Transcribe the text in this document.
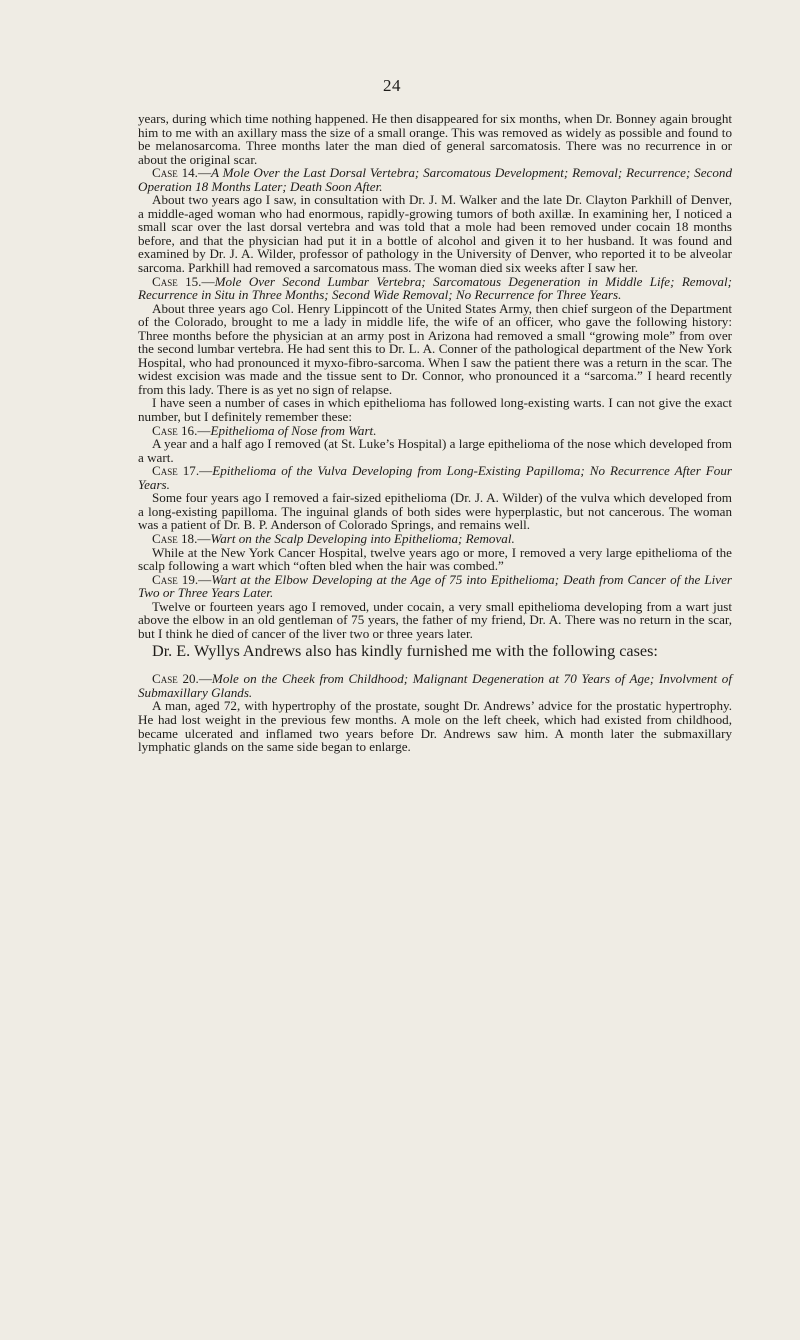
24

years, during which time nothing happened. He then disappeared for six months, when Dr. Bonney again brought him to me with an axillary mass the size of a small orange. This was removed as widely as possible and found to be melanosarcoma. Three months later the man died of general sarcomatosis. There was no recurrence in or about the original scar.

Case 14.—A Mole Over the Last Dorsal Vertebra; Sarcomatous Development; Removal; Recurrence; Second Operation 18 Months Later; Death Soon After.

About two years ago I saw, in consultation with Dr. J. M. Walker and the late Dr. Clayton Parkhill of Denver, a middle-aged woman who had enormous, rapidly-growing tumors of both axillæ. In examining her, I noticed a small scar over the last dorsal vertebra and was told that a mole had been removed under cocain 18 months before, and that the physician had put it in a bottle of alcohol and given it to her husband. It was found and examined by Dr. J. A. Wilder, professor of pathology in the University of Denver, who reported it to be alveolar sarcoma. Parkhill had removed a sarcomatous mass. The woman died six weeks after I saw her.

Case 15.—Mole Over Second Lumbar Vertebra; Sarcomatous Degeneration in Middle Life; Removal; Recurrence in Situ in Three Months; Second Wide Removal; No Recurrence for Three Years.

About three years ago Col. Henry Lippincott of the United States Army, then chief surgeon of the Department of the Colorado, brought to me a lady in middle life, the wife of an officer, who gave the following history: Three months before the physician at an army post in Arizona had removed a small “growing mole” from over the second lumbar vertebra. He had sent this to Dr. L. A. Conner of the pathological department of the New York Hospital, who had pronounced it myxo-fibro-sarcoma. When I saw the patient there was a return in the scar. The widest excision was made and the tissue sent to Dr. Connor, who pronounced it a “sarcoma.” I heard recently from this lady. There is as yet no sign of relapse.

I have seen a number of cases in which epithelioma has followed long-existing warts. I can not give the exact number, but I definitely remember these:

Case 16.—Epithelioma of Nose from Wart.

A year and a half ago I removed (at St. Luke’s Hospital) a large epithelioma of the nose which developed from a wart.

Case 17.—Epithelioma of the Vulva Developing from Long-Existing Papilloma; No Recurrence After Four Years.

Some four years ago I removed a fair-sized epithelioma (Dr. J. A. Wilder) of the vulva which developed from a long-existing papilloma. The inguinal glands of both sides were hyperplastic, but not cancerous. The woman was a patient of Dr. B. P. Anderson of Colorado Springs, and remains well.

Case 18.—Wart on the Scalp Developing into Epithelioma; Removal.

While at the New York Cancer Hospital, twelve years ago or more, I removed a very large epithelioma of the scalp following a wart which “often bled when the hair was combed.”

Case 19.—Wart at the Elbow Developing at the Age of 75 into Epithelioma; Death from Cancer of the Liver Two or Three Years Later.

Twelve or fourteen years ago I removed, under cocain, a very small epithelioma developing from a wart just above the elbow in an old gentleman of 75 years, the father of my friend, Dr. A. There was no return in the scar, but I think he died of cancer of the liver two or three years later.

Dr. E. Wyllys Andrews also has kindly furnished me with the following cases:

Case 20.—Mole on the Cheek from Childhood; Malignant Degeneration at 70 Years of Age; Involvment of Submaxillary Glands.

A man, aged 72, with hypertrophy of the prostate, sought Dr. Andrews’ advice for the prostatic hypertrophy. He had lost weight in the previous few months. A mole on the left cheek, which had existed from childhood, became ulcerated and inflamed two years before Dr. Andrews saw him. A month later the submaxillary lymphatic glands on the same side began to enlarge.
